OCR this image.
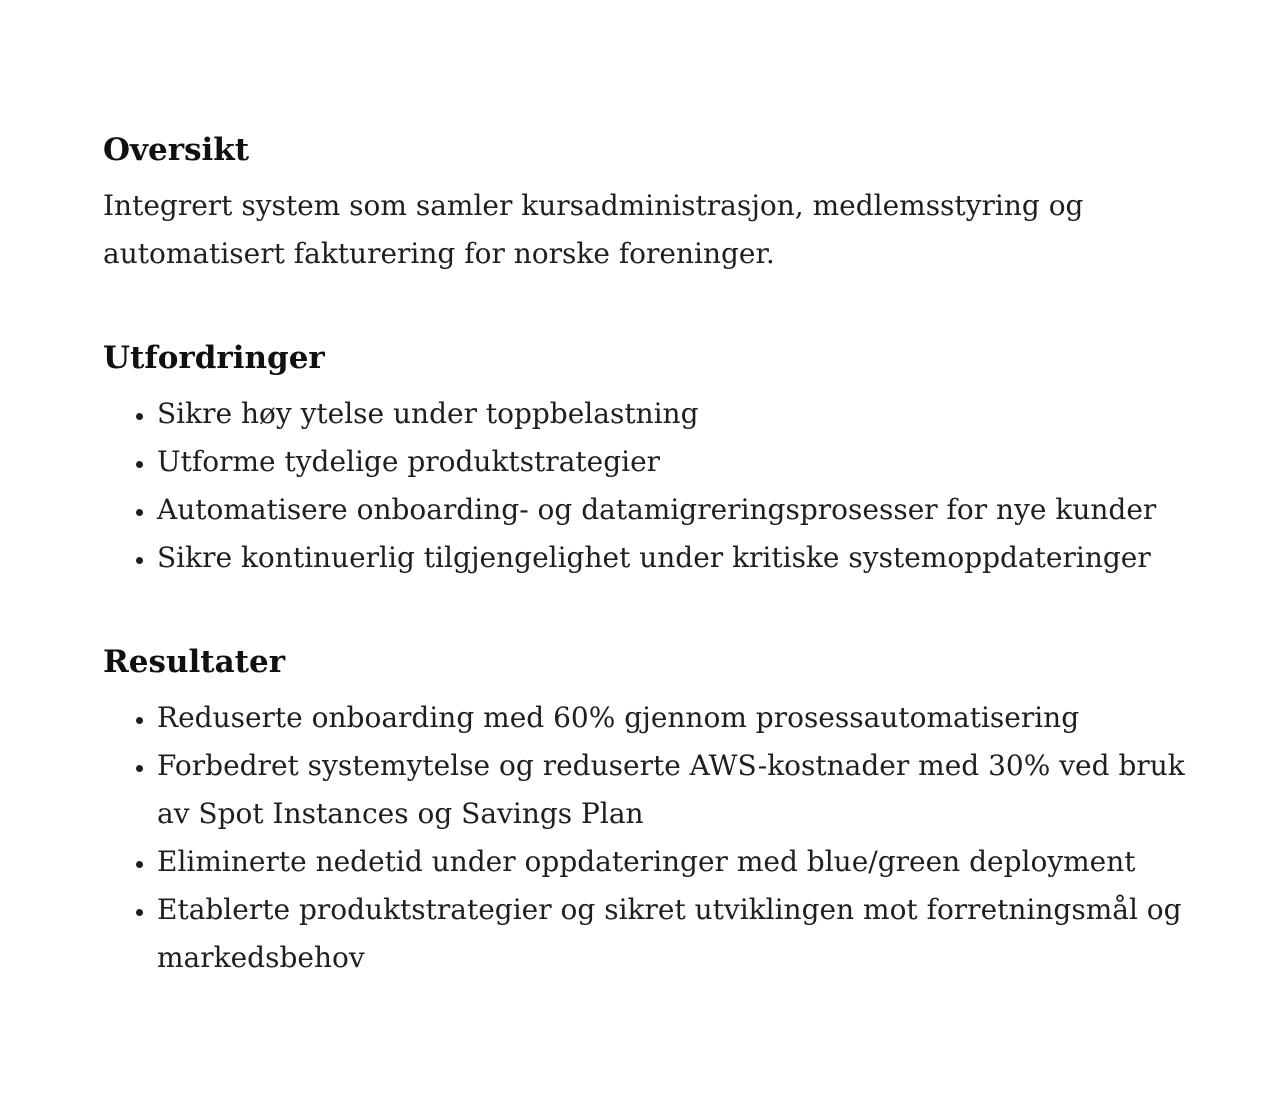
Oversikt

Integrert system som samler kursadministrasjon, medlemsstyring og automatisert fakturering for norske foreninger.

Utfordringer
• Sikre høy ytelse under toppbelastning
• Utforme tydelige produktstrategier
• Automatisere onboarding- og datamigreringsprosesser for nye kunder
• Sikre kontinuerlig tilgjengelighet under kritiske systemoppdateringer
Resultater
• Reduserte onboarding med 60% gjennom prosessautomatisering
• Forbedret systemytelse og reduserte AWS-kostnader med 30% ved bruk av Spot Instances og Savings Plan
• Eliminerte nedetid under oppdateringer med blue/green deployment
• Etablerte produktstrategier og sikret utviklingen mot forretningsmål og markedsbehov
